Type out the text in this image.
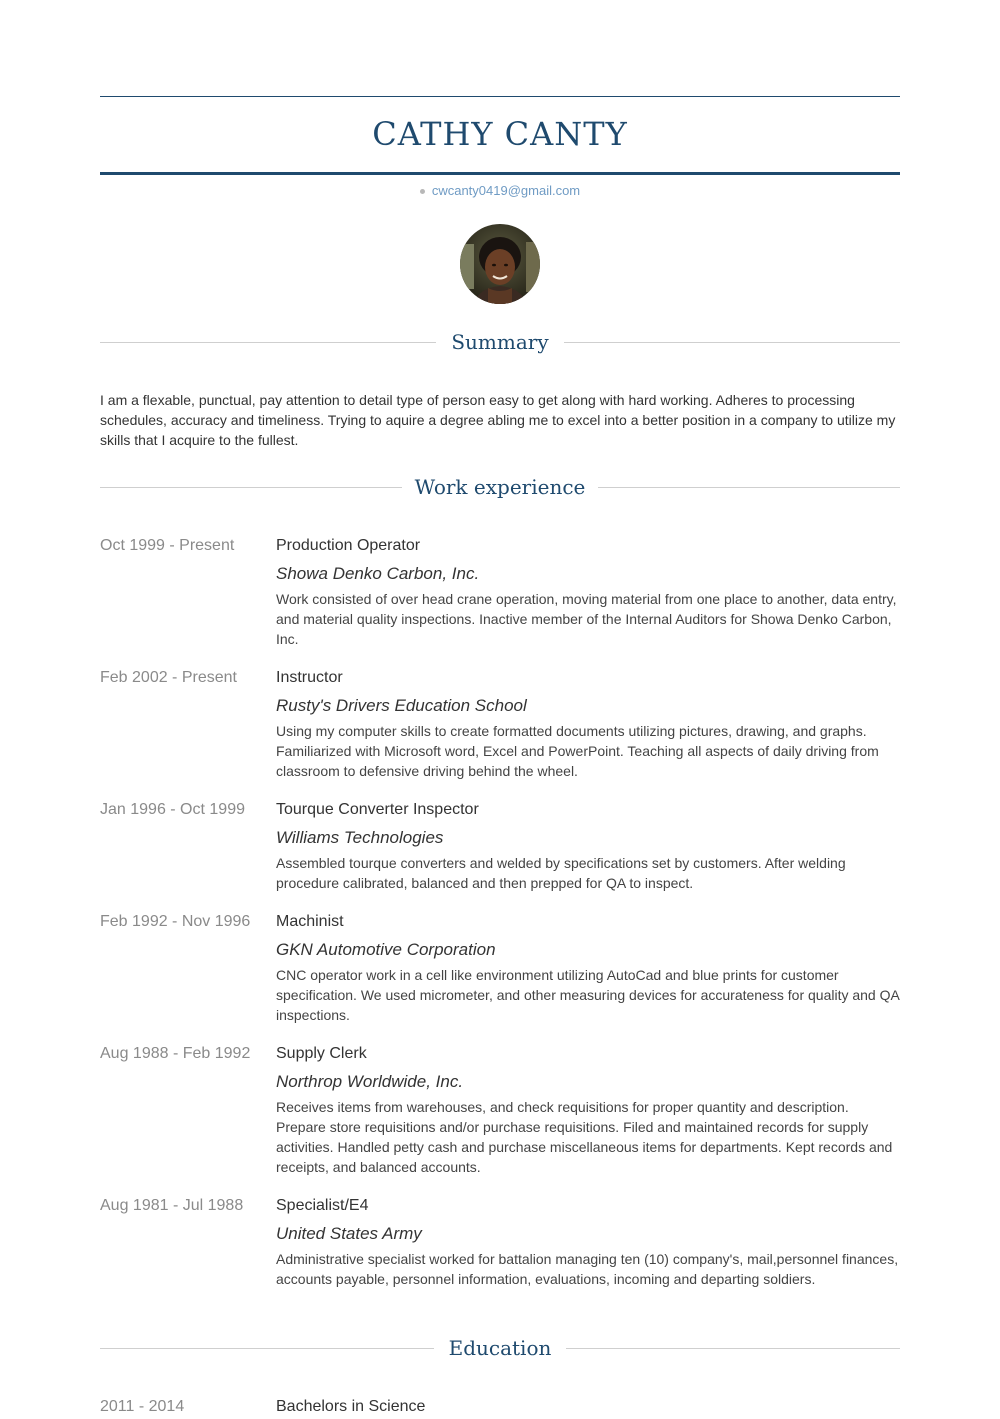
CATHY CANTY
cwcanty0419@gmail.com
Summary
I am a flexable, punctual, pay attention to detail type of person easy to get along with hard working. Adheres to processing schedules, accuracy and timeliness. Trying to aquire a degree abling me to excel into a better position in a company to utilize my skills that I acquire to the fullest.
Work experience
Oct 1999 - Present	Production Operator
Showa Denko Carbon, Inc.
Work consisted of over head crane operation, moving material from one place to another, data entry, and material quality inspections. Inactive member of the Internal Auditors for Showa Denko Carbon, Inc.
Feb 2002 - Present	Instructor
Rusty's Drivers Education School
Using my computer skills to create formatted documents utilizing pictures, drawing, and graphs. Familiarized with Microsoft word, Excel and PowerPoint. Teaching all aspects of daily driving from classroom to defensive driving behind the wheel.
Jan 1996 - Oct 1999	Tourque Converter Inspector
Williams Technologies
Assembled tourque converters and welded by specifications set by customers. After welding procedure calibrated, balanced and then prepped for QA to inspect.
Feb 1992 - Nov 1996	Machinist
GKN Automotive Corporation
CNC operator work in a cell like environment utilizing AutoCad and blue prints for customer specification. We used micrometer, and other measuring devices for accurateness for quality and QA inspections.
Aug 1988 - Feb 1992	Supply Clerk
Northrop Worldwide, Inc.
Receives items from warehouses, and check requisitions for proper quantity and description. Prepare store requisitions and/or purchase requisitions. Filed and maintained records for supply activities. Handled petty cash and purchase miscellaneous items for departments. Kept records and receipts, and balanced accounts.
Aug 1981 - Jul 1988	Specialist/E4
United States Army
Administrative specialist worked for battalion managing ten (10) company's, mail,personnel finances, accounts payable, personnel information, evaluations, incoming and departing soldiers.
Education
2011 - 2014	Bachelors in Science
